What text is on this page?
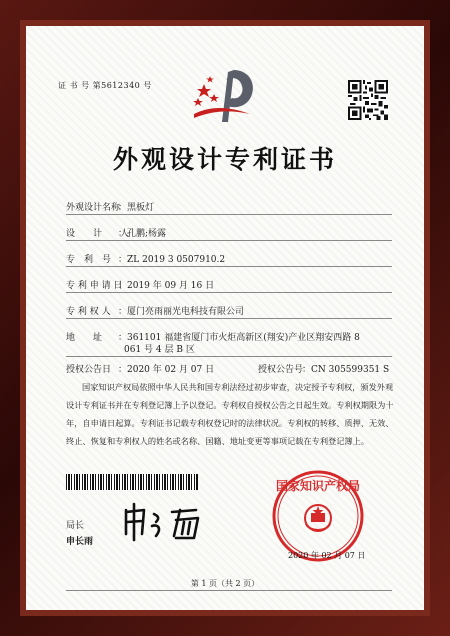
证 书 号 第5612340 号
外观设计专利证书
外观设计名称
：黑板灯
设　　计　　人
：孔鹏;杨露
专　利　号 ：ZL 2019 3 0507910.2
专 利 申 请 日
：2019 年 09 月 16 日
专 利 权 人 ：厦门亮雨丽光电科技有限公司
地　　址 ：361101 福建省厦门市火炬高新区(翔安)产业区翔安西路 8
061 号 4 层 B 区
授权公告日 ：2020 年 02 月 07 日	授权公告号
：CN 305599351 S
国家知识产权局依照中华人民共和国专利法经过初步审查，决定授予专利权，颁发外观设计专利证书并在专利登记簿上予以登记。专利权自授权公告之日起生效。专利权期限为十年，自申请日起算。专利证书记载专利权登记时的法律状况。专利权的转移、质押、无效、终止、恢复和专利权人的姓名或名称、国籍、地址变更等事项记载在专利登记簿上。
局长
申长雨
国家知识产权局
2020 年 02 月 07 日
第 1 页（共 2 页）
